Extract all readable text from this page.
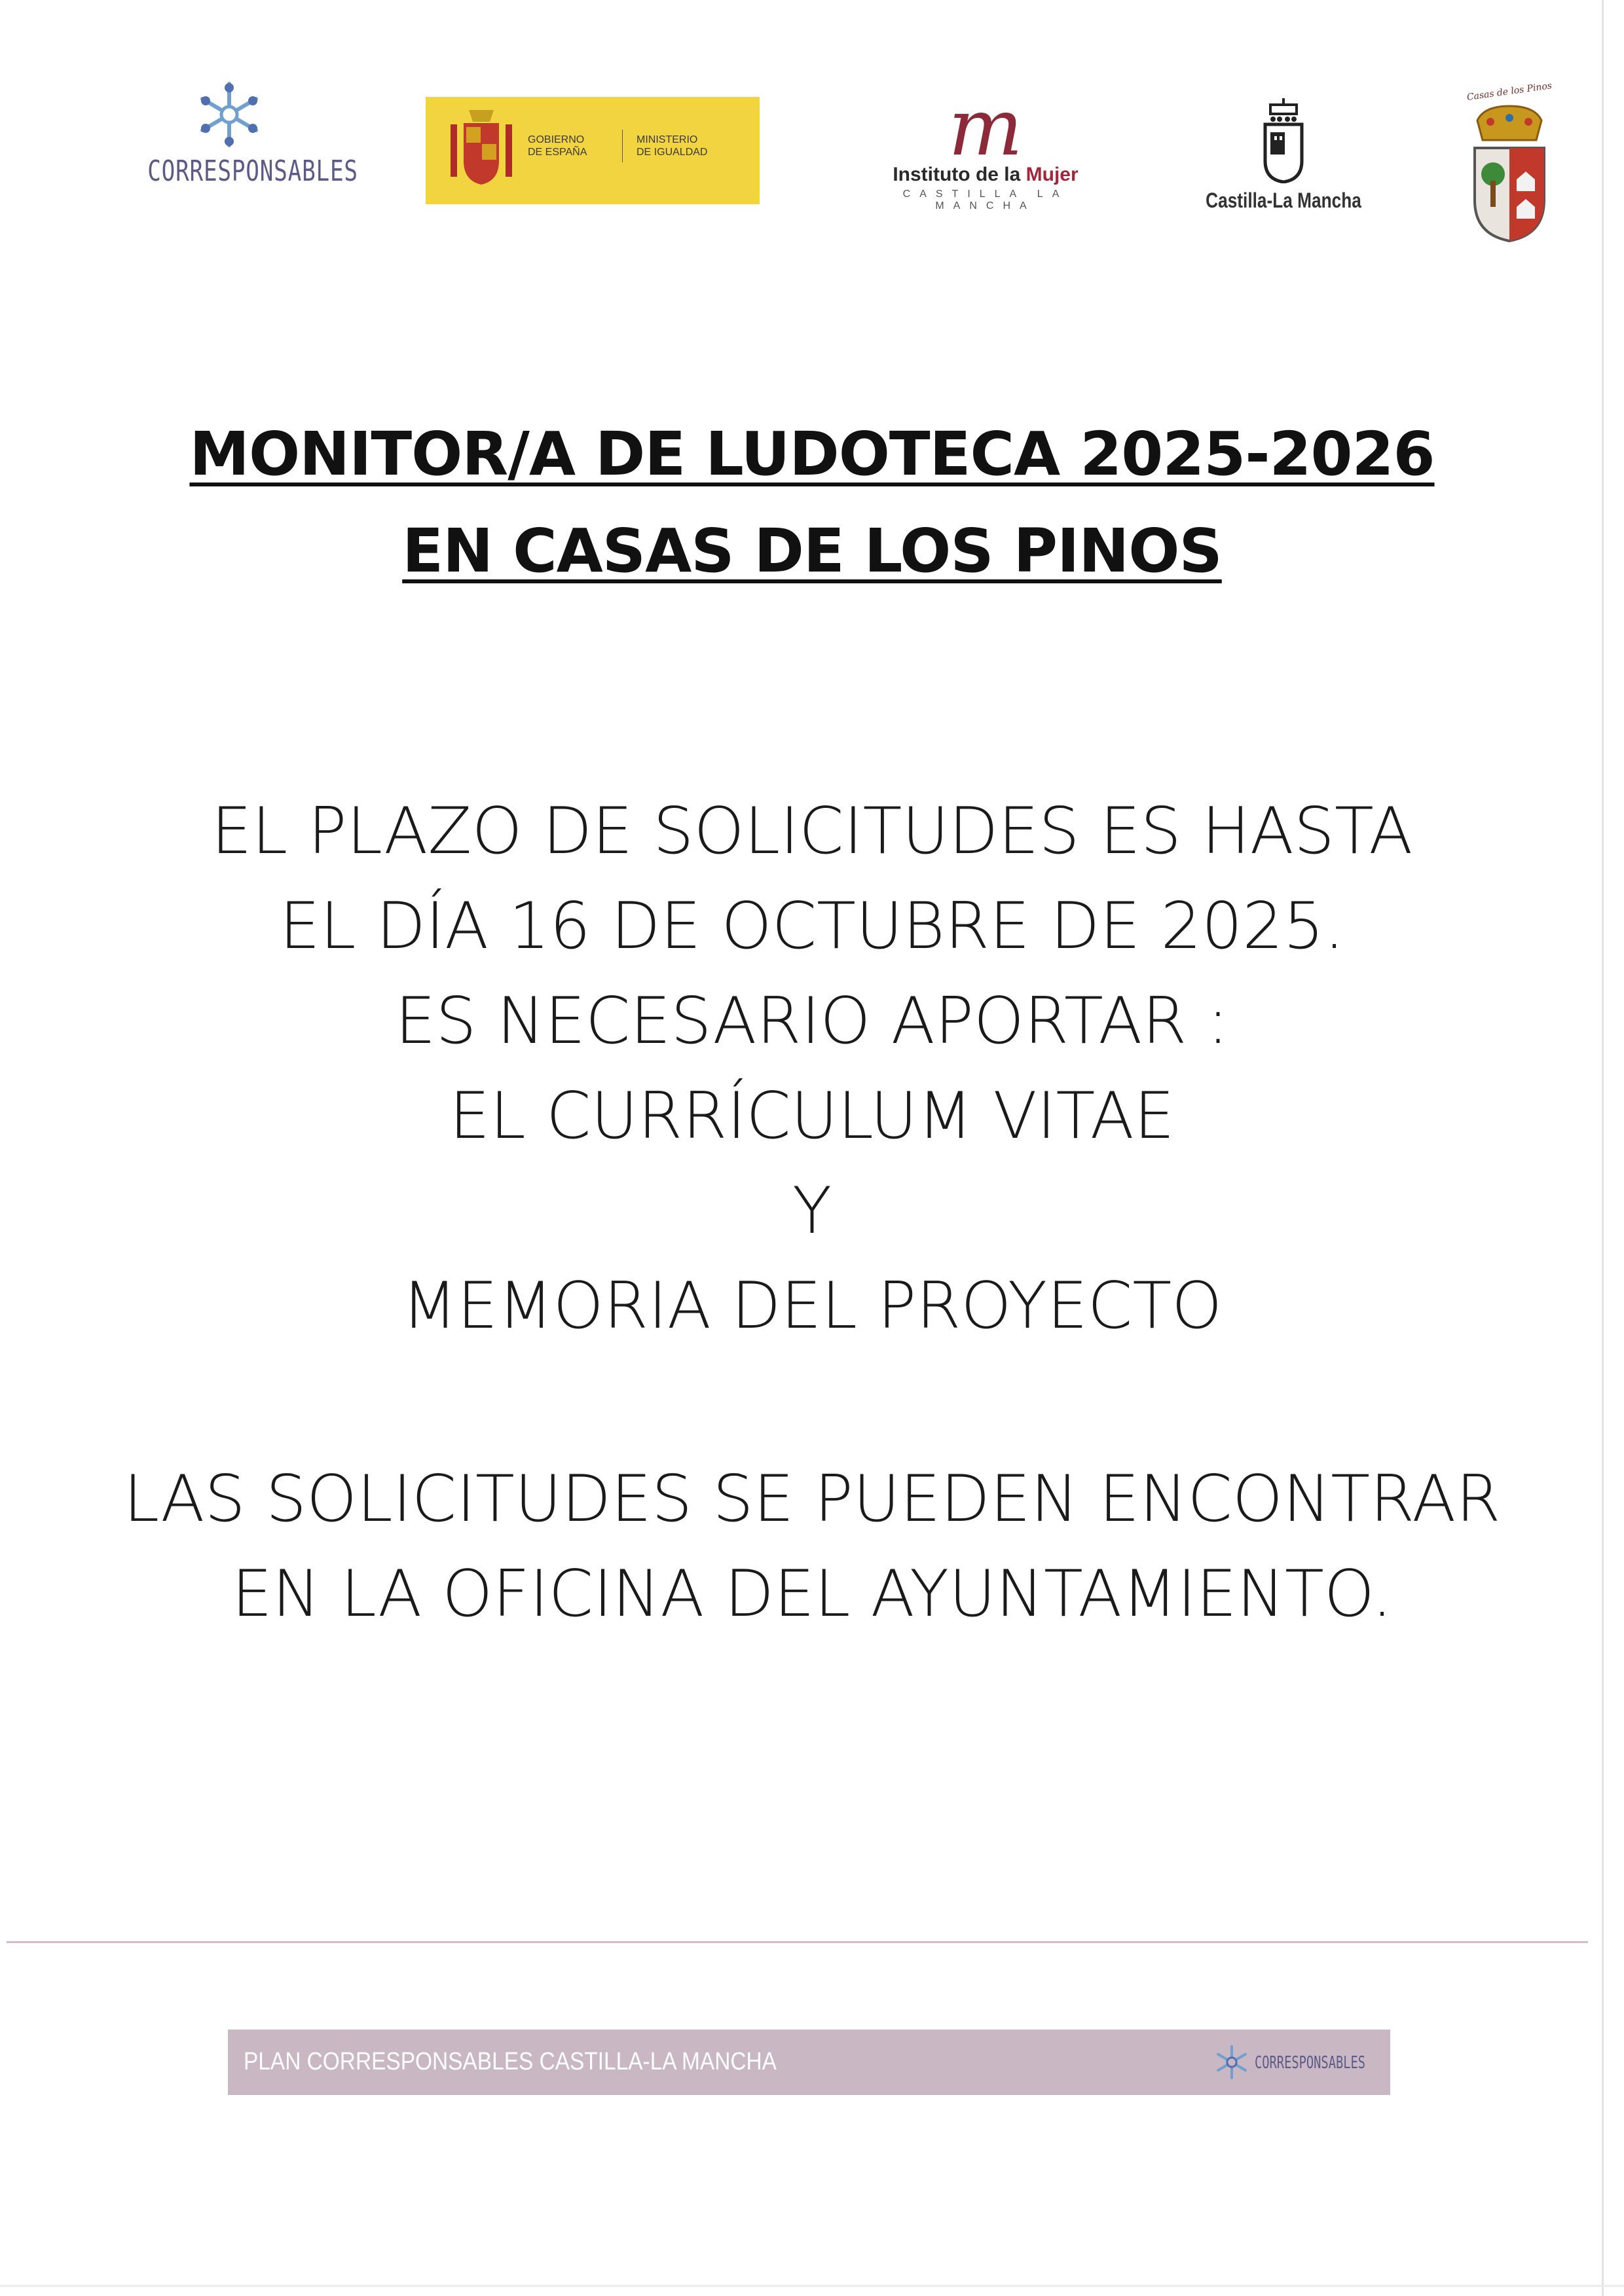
CORRESPONSABLES
GOBIERNO
DE ESPAÑA
MINISTERIO
DE IGUALDAD	m
Instituto de la Mujer
CASTILLA LA MANCHA	Castilla-La Mancha
Casas de los Pinos
MONITOR/A DE LUDOTECA 2025-2026
EN CASAS DE LOS PINOS
EL PLAZO DE SOLICITUDES ES HASTA
EL DÍA 16 DE OCTUBRE DE 2025.
ES NECESARIO APORTAR :
EL CURRÍCULUM VITAE
Y
MEMORIA DEL PROYECTO
LAS SOLICITUDES SE PUEDEN ENCONTRAR
EN LA OFICINA DEL AYUNTAMIENTO.
PLAN CORRESPONSABLES CASTILLA-LA MANCHA	CORRESPONSABLES
